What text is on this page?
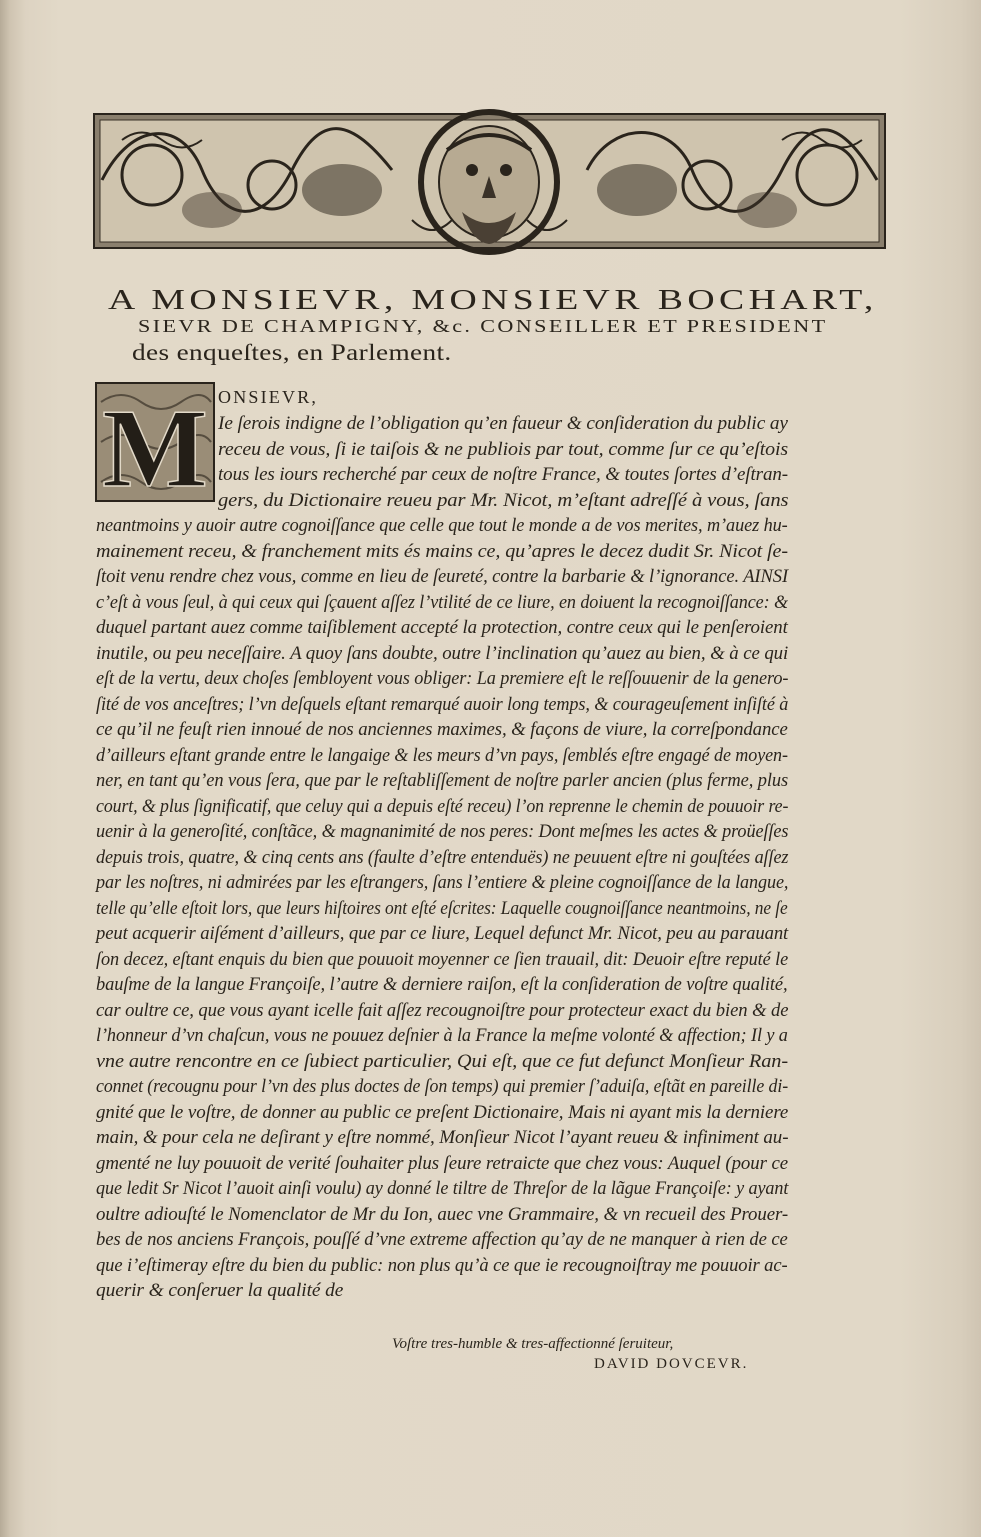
A MONSIEVR, MONSIEVR BOCHART,
SIEVR DE CHAMPIGNY, &c. CONSEILLER ET PRESIDENT
des enqueſtes, en Parlement.
M ONSIEVR,
Ie ſerois indigne de l’obligation qu’en faueur & conſideration du public ay
receu de vous, ſi ie taiſois & ne publiois par tout, comme ſur ce qu’eſtois
tous les iours recherché par ceux de noſtre France, & toutes ſortes d’eſtran-
gers, du Dictionaire reueu par Mr. Nicot, m’eſtant adreſſé à vous, ſans
neantmoins y auoir autre cognoiſſance que celle que tout le monde a de vos merites, m’auez hu-
mainement receu, & franchement mits és mains ce, qu’apres le decez dudit Sr. Nicot ſe-
ſtoit venu rendre chez vous, comme en lieu de ſeureté, contre la barbarie & l’ignorance. AINSI
c’eſt à vous ſeul, à qui ceux qui ſçauent aſſez l’vtilité de ce liure, en doiuent la recognoiſſance: &
duquel partant auez comme taiſiblement accepté la protection, contre ceux qui le penſeroient
inutile, ou peu neceſſaire. A quoy ſans doubte, outre l’inclination qu’auez au bien, & à ce qui
eſt de la vertu, deux choſes ſembloyent vous obliger: La premiere eſt le reſſouuenir de la genero-
ſité de vos anceſtres; l’vn deſquels eſtant remarqué auoir long temps, & courageuſement inſiſté à
ce qu’il ne feuſt rien innoué de nos anciennes maximes, & façons de viure, la correſpondance
d’ailleurs eſtant grande entre le langaige & les meurs d’vn pays, ſemblés eſtre engagé de moyen-
ner, en tant qu’en vous ſera, que par le reſtabliſſement de noſtre parler ancien (plus ferme, plus
court, & plus ſignificatif, que celuy qui a depuis eſté receu) l’on reprenne le chemin de pouuoir re-
uenir à la generoſité, conſtãce, & magnanimité de nos peres: Dont meſmes les actes & proüeſſes
depuis trois, quatre, & cinq cents ans (faulte d’eſtre entenduës) ne peuuent eſtre ni gouſtées aſſez
par les noſtres, ni admirées par les eſtrangers, ſans l’entiere & pleine cognoiſſance de la langue,
telle qu’elle eſtoit lors, que leurs hiſtoires ont eſté eſcrites: Laquelle cougnoiſſance neantmoins, ne ſe
peut acquerir aiſément d’ailleurs, que par ce liure, Lequel defunct Mr. Nicot, peu au parauant
ſon decez, eſtant enquis du bien que pouuoit moyenner ce ſien trauail, dit: Deuoir eſtre reputé le
bauſme de la langue Françoiſe, l’autre & derniere raiſon, eſt la conſideration de voſtre qualité,
car oultre ce, que vous ayant icelle fait aſſez recougnoiſtre pour protecteur exact du bien & de
l’honneur d’vn chaſcun, vous ne pouuez deſnier à la France la meſme volonté & affection; Il y a
vne autre rencontre en ce ſubiect particulier, Qui eſt, que ce fut defunct Monſieur Ran-
connet (recougnu pour l’vn des plus doctes de ſon temps) qui premier ſ’aduiſa, eſtãt en pareille di-
gnité que le voſtre, de donner au public ce preſent Dictionaire, Mais ni ayant mis la derniere
main, & pour cela ne deſirant y eſtre nommé, Monſieur Nicot l’ayant reueu & infiniment au-
gmenté ne luy pouuoit de verité ſouhaiter plus ſeure retraicte que chez vous: Auquel (pour ce
que ledit Sr Nicot l’auoit ainſi voulu) ay donné le tiltre de Threſor de la lãgue Françoiſe: y ayant
oultre adiouſté le Nomenclator de Mr du Ion, auec vne Grammaire, & vn recueil des Prouer-
bes de nos anciens François, pouſſé d’vne extreme affection qu’ay de ne manquer à rien de ce
que i’eſtimeray eſtre du bien du public: non plus qu’à ce que ie recougnoiſtray me pouuoir ac-
querir & conſeruer la qualité de
Voſtre tres-humble & tres-affectionné ſeruiteur,
DAVID DOVCEVR.
